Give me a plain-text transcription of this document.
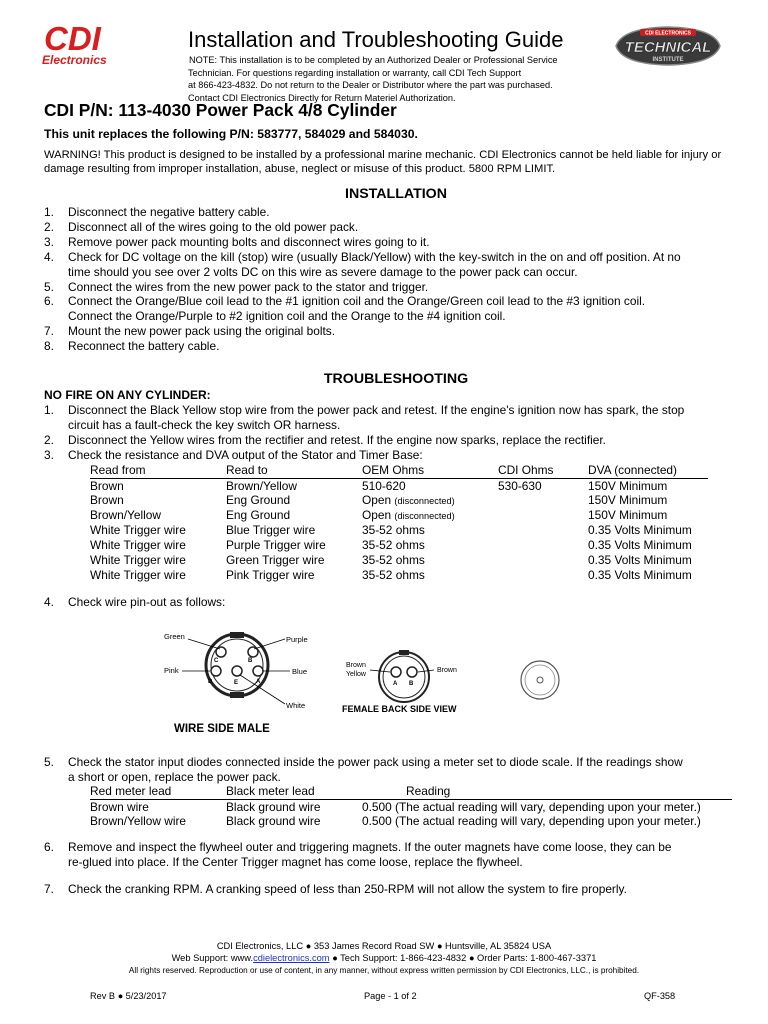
CDI
Electronics
CDI ELECTRONICS
TECHNICAL
INSTITUTE
Installation and Troubleshooting Guide
NOTE: This installation is to be completed by an Authorized Dealer or Professional Service
Technician. For questions regarding installation or warranty, call CDI Tech Support
at 866-423-4832. Do not return to the Dealer or Distributor where the part was purchased.
Contact CDI Electronics Directly for Return Materiel Authorization.
CDI P/N: 113-4030 Power Pack 4/8 Cylinder
This unit replaces the following P/N: 583777, 584029 and 584030.
WARNING! This product is designed to be installed by a professional marine mechanic. CDI Electronics cannot be held liable for injury or damage resulting from improper installation, abuse, neglect or misuse of this product. 5800 RPM LIMIT.
INSTALLATION
1. Disconnect the negative battery cable.
2. Disconnect all of the wires going to the old power pack.
3. Remove power pack mounting bolts and disconnect wires going to it.
4. Check for DC voltage on the kill (stop) wire (usually Black/Yellow) with the key-switch in the on and off position. At no
time should you see over 2 volts DC on this wire as severe damage to the power pack can occur.
5. Connect the wires from the new power pack to the stator and trigger.
6. Connect the Orange/Blue coil lead to the #1 ignition coil and the Orange/Green coil lead to the #3 ignition coil.
Connect the Orange/Purple to #2 ignition coil and the Orange to the #4 ignition coil.
7. Mount the new power pack using the original bolts.
8. Reconnect the battery cable.
TROUBLESHOOTING
NO FIRE ON ANY CYLINDER:
1. Disconnect the Black Yellow stop wire from the power pack and retest. If the engine's ignition now has spark, the stop
circuit has a fault-check the key switch OR harness.
2. Disconnect the Yellow wires from the rectifier and retest. If the engine now sparks, replace the rectifier.
3. Check the resistance and DVA output of the Stator and Timer Base:
Read from	Read to	OEM Ohms	CDI Ohms	DVA (connected)
Brown	Brown/Yellow	510-620	530-630	150V Minimum
Brown	Eng Ground	Open (disconnected)		150V Minimum
Brown/Yellow	Eng Ground	Open (disconnected)		150V Minimum
White Trigger wire	Blue Trigger wire	35-52 ohms		0.35 Volts Minimum
White Trigger wire	Purple Trigger wire	35-52 ohms		0.35 Volts Minimum
White Trigger wire	Green Trigger wire	35-52 ohms		0.35 Volts Minimum
White Trigger wire	Pink Trigger wire	35-52 ohms		0.35 Volts Minimum
4. Check wire pin-out as follows:
C	B
D	E	A
Green	Purple
Pink	Blue
White
WIRE SIDE MALE
A B
Brown
Yellow
Brown
FEMALE BACK SIDE VIEW
5. Check the stator input diodes connected inside the power pack using a meter set to diode scale. If the readings show
a short or open, replace the power pack.
Red meter lead	Black meter lead	Reading
Brown wire	Black ground wire	0.500 (The actual reading will vary, depending upon your meter.)
Brown/Yellow wire	Black ground wire	0.500 (The actual reading will vary, depending upon your meter.)
6. Remove and inspect the flywheel outer and triggering magnets. If the outer magnets have come loose, they can be
re-glued into place. If the Center Trigger magnet has come loose, replace the flywheel.
7. Check the cranking RPM. A cranking speed of less than 250-RPM will not allow the system to fire properly.
CDI Electronics, LLC ● 353 James Record Road SW ● Huntsville, AL 35824 USA
Web Support: www.cdielectronics.com ● Tech Support: 1-866-423-4832 ● Order Parts: 1-800-467-3371
All rights reserved. Reproduction or use of content, in any manner, without express written permission by CDI Electronics, LLC., is prohibited.
Rev B ● 5/23/2017	Page - 1 of 2	QF-358
